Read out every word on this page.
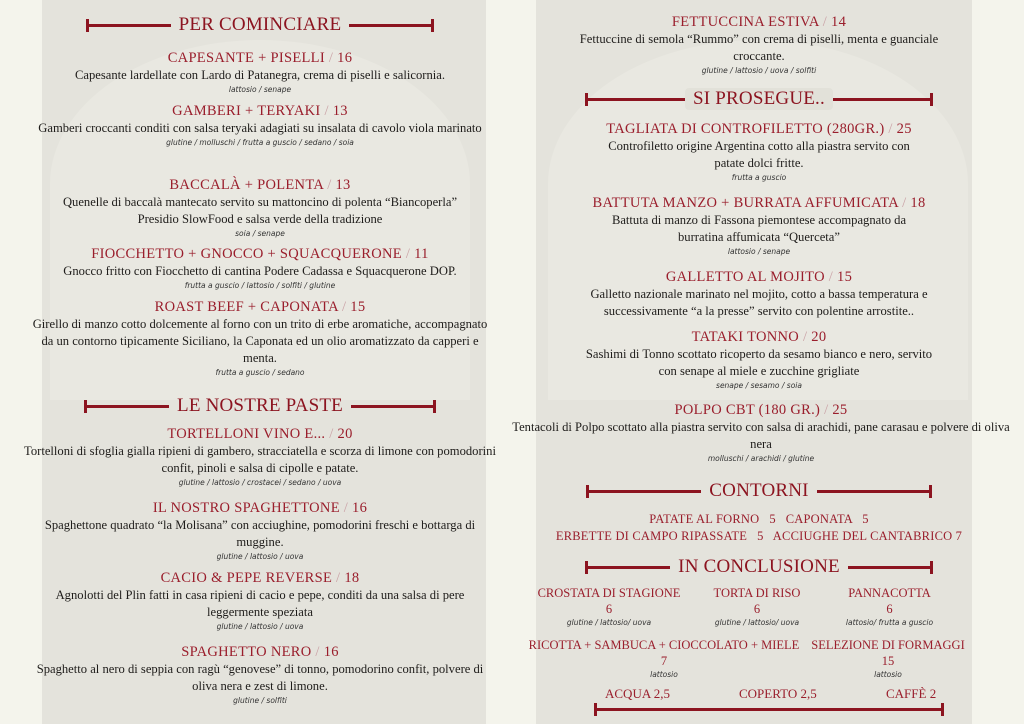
PER COMINCIARE
CAPESANTE + PISELLI / 16
Capesante lardellate con Lardo di Patanegra, crema di piselli e salicornia.
lattosio / senape
GAMBERI + TERYAKI / 13
Gamberi croccanti conditi con salsa teryaki adagiati su insalata di cavolo viola marinato
glutine / molluschi / frutta a guscio / sedano / soia
BACCALÀ + POLENTA / 13
Quenelle di baccalà mantecato servito su mattoncino di polenta “Biancoperla” Presidio SlowFood e salsa verde della tradizione
soia / senape
FIOCCHETTO + GNOCCO + SQUACQUERONE / 11
Gnocco fritto con Fiocchetto di cantina Podere Cadassa e Squacquerone DOP.
frutta a guscio / lattosio / solfiti / glutine
ROAST BEEF + CAPONATA / 15
Girello di manzo cotto dolcemente al forno con un trito di erbe aromatiche, accompagnato da un contorno tipicamente Siciliano, la Caponata ed un olio aromatizzato da capperi e menta.
frutta a guscio / sedano
LE NOSTRE PASTE
TORTELLONI VINO E... / 20
Tortelloni di sfoglia gialla ripieni di gambero, stracciatella e scorza di limone con pomodorini confit, pinoli e salsa di cipolle e patate.
glutine / lattosio / crostacei / sedano / uova
IL NOSTRO SPAGHETTONE / 16
Spaghettone quadrato “la Molisana” con acciughine, pomodorini freschi e bottarga di muggine.
glutine / lattosio / uova
CACIO & PEPE REVERSE / 18
Agnolotti del Plin fatti in casa ripieni di cacio e pepe, conditi da una salsa di pere leggermente speziata
glutine / lattosio / uova
SPAGHETTO NERO / 16
Spaghetto al nero di seppia con ragù “genovese” di tonno, pomodorino confit, polvere di oliva nera e zest di limone.
glutine / solfiti
FETTUCCINA ESTIVA / 14
Fettuccine di semola “Rummo” con crema di piselli, menta e guanciale croccante.
glutine / lattosio / uova / solfiti
SI PROSEGUE..
TAGLIATA DI CONTROFILETTO (280GR.) / 25
Controfiletto origine Argentina cotto alla piastra servito con patate dolci fritte.
frutta a guscio
BATTUTA MANZO + BURRATA AFFUMICATA / 18
Battuta di manzo di Fassona piemontese accompagnato da burratina affumicata “Querceta”
lattosio / senape
GALLETTO AL MOJITO / 15
Galletto nazionale marinato nel mojito, cotto a bassa temperatura e successivamente “a la presse” servito con polentine arrostite..
TATAKI TONNO / 20
Sashimi di Tonno scottato ricoperto da sesamo bianco e nero, servito con senape al miele e zucchine grigliate
senape / sesamo / soia
POLPO CBT (180 GR.) / 25
Tentacoli di Polpo scottato alla piastra servito con salsa di arachidi, pane carasau e polvere di oliva nera
molluschi / arachidi / glutine
CONTORNI
PATATE AL FORNO   5   CAPONATA   5
ERBETTE DI CAMPO RIPASSATE   5   ACCIUGHE DEL CANTABRICO 7
IN CONCLUSIONE
CROSTATA DI STAGIONE
6
glutine / lattosio/ uova
TORTA DI RISO
6
glutine / lattosio/ uova
PANNACOTTA
6
lattosio/ frutta a guscio
RICOTTA + SAMBUCA + CIOCCOLATO + MIELE
7
lattosio
SELEZIONE DI FORMAGGI
15
lattosio
ACQUA 2,5	COPERTO 2,5	CAFFÈ 2
